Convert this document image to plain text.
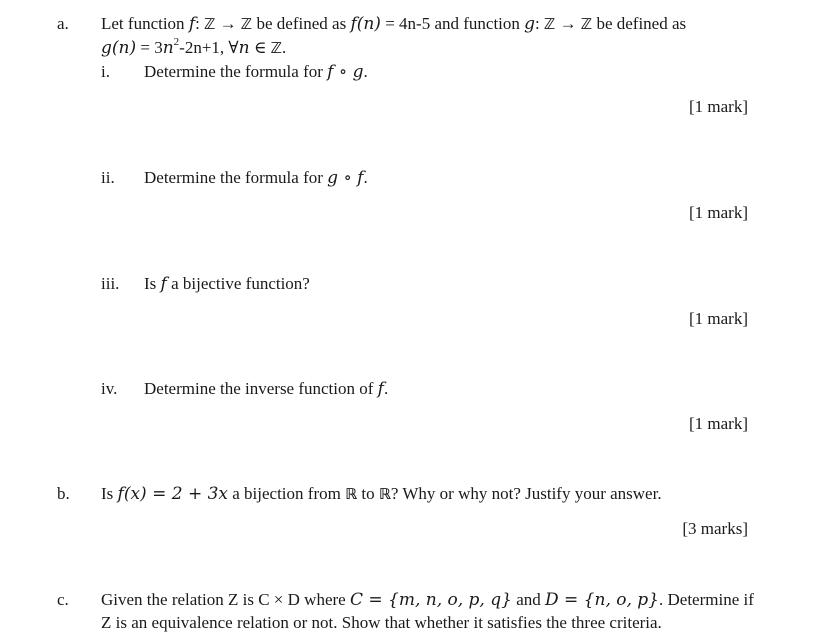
a. Let function f: ℤ → ℤ be defined as f(n) = 4n-5 and function g: ℤ → ℤ be defined as
$g(n) = 3n^2-2n+1$, ∀n ∈ ℤ.
i. Determine the formula for f ∘ g.
[1 mark]
ii. Determine the formula for g ∘ f.
[1 mark]
iii. Is f a bijective function?
[1 mark]
iv. Determine the inverse function of f.
[1 mark]
b. Is f(x) = 2 + 3x a bijection from ℝ to ℝ? Why or why not? Justify your answer.
[3 marks]
c. Given the relation Z is C × D where C = {m, n, o, p, q} and D = {n, o, p}. Determine if
Z is an equivalence relation or not. Show that whether it satisfies the three criteria.
